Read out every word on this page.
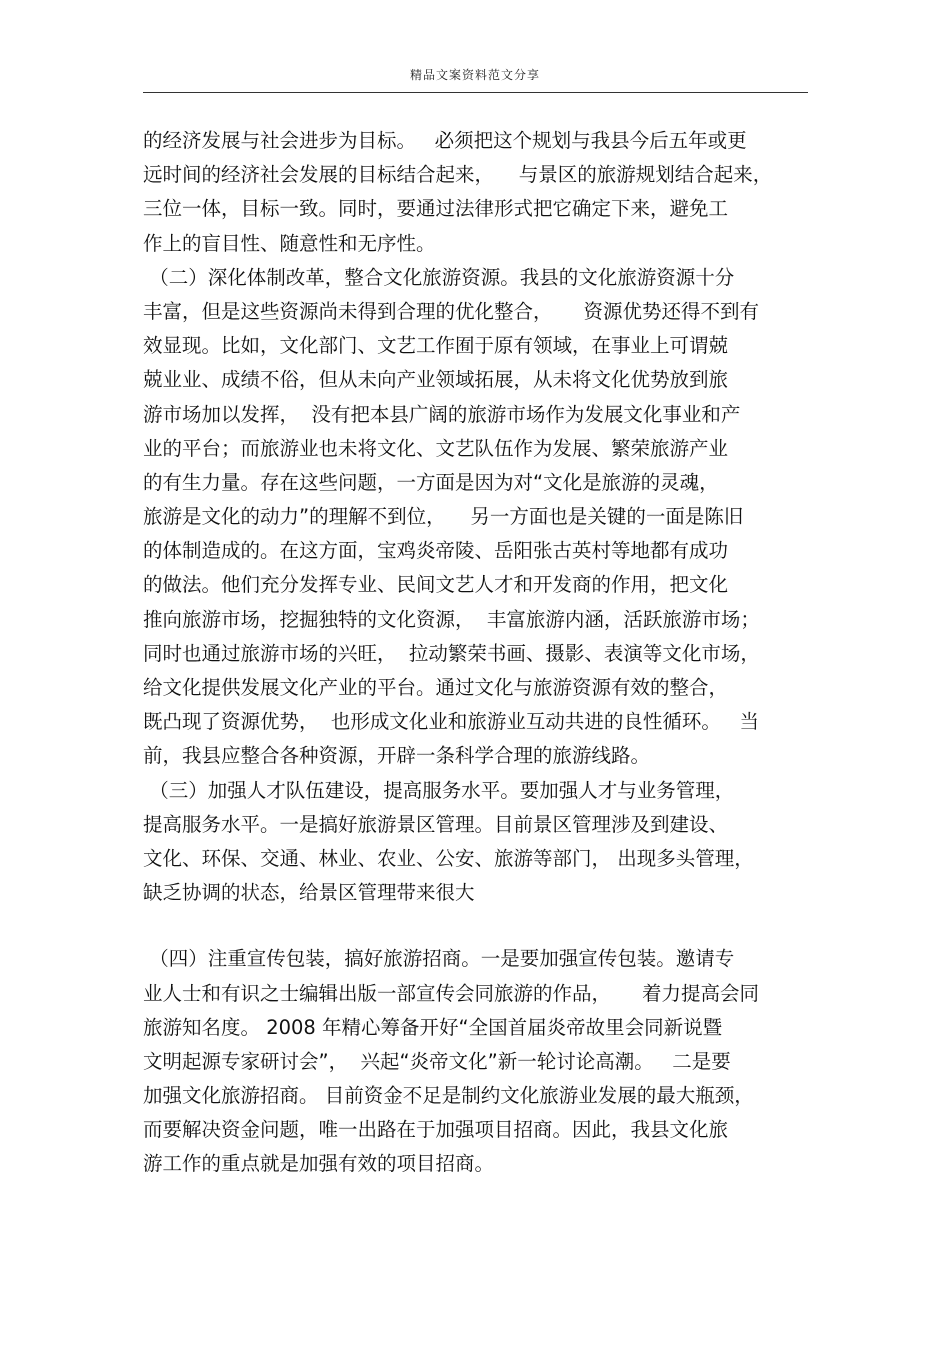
精品文案资料范文分享
的经济发展与社会进步为目标。   必须把这个规划与我县今后五年或更
远时间的经济社会发展的目标结合起来，    与景区的旅游规划结合起来，
三位一体，目标一致。同时，要通过法律形式把它确定下来，避免工
作上的盲目性、随意性和无序性。
（二）深化体制改革，整合文化旅游资源。我县的文化旅游资源十分
丰富，但是这些资源尚未得到合理的优化整合，     资源优势还得不到有
效显现。比如，文化部门、文艺工作囿于原有领域，在事业上可谓兢
兢业业、成绩不俗，但从未向产业领域拓展，从未将文化优势放到旅
游市场加以发挥，  没有把本县广阔的旅游市场作为发展文化事业和产
业的平台；而旅游业也未将文化、文艺队伍作为发展、繁荣旅游产业
的有生力量。存在这些问题，一方面是因为对“文化是旅游的灵魂，
旅游是文化的动力”的理解不到位，    另一方面也是关键的一面是陈旧
的体制造成的。在这方面，宝鸡炎帝陵、岳阳张古英村等地都有成功
的做法。他们充分发挥专业、民间文艺人才和开发商的作用，把文化
推向旅游市场，挖掘独特的文化资源，  丰富旅游内涵，活跃旅游市场；
同时也通过旅游市场的兴旺，  拉动繁荣书画、摄影、表演等文化市场，
给文化提供发展文化产业的平台。通过文化与旅游资源有效的整合，
既凸现了资源优势，  也形成文化业和旅游业互动共进的良性循环。   当
前，我县应整合各种资源，开辟一条科学合理的旅游线路。
（三）加强人才队伍建设，提高服务水平。要加强人才与业务管理，
提高服务水平。一是搞好旅游景区管理。目前景区管理涉及到建设、
文化、环保、交通、林业、农业、公安、旅游等部门， 出现多头管理，
缺乏协调的状态，给景区管理带来很大
（四）注重宣传包装，搞好旅游招商。一是要加强宣传包装。邀请专
业人士和有识之士编辑出版一部宣传会同旅游的作品，     着力提高会同
旅游知名度。 2008 年精心筹备开好“全国首届炎帝故里会同新说暨
文明起源专家研讨会”，  兴起“炎帝文化”新一轮讨论高潮。   二是要
加强文化旅游招商。 目前资金不足是制约文化旅游业发展的最大瓶颈，
而要解决资金问题，唯一出路在于加强项目招商。因此，我县文化旅
游工作的重点就是加强有效的项目招商。
